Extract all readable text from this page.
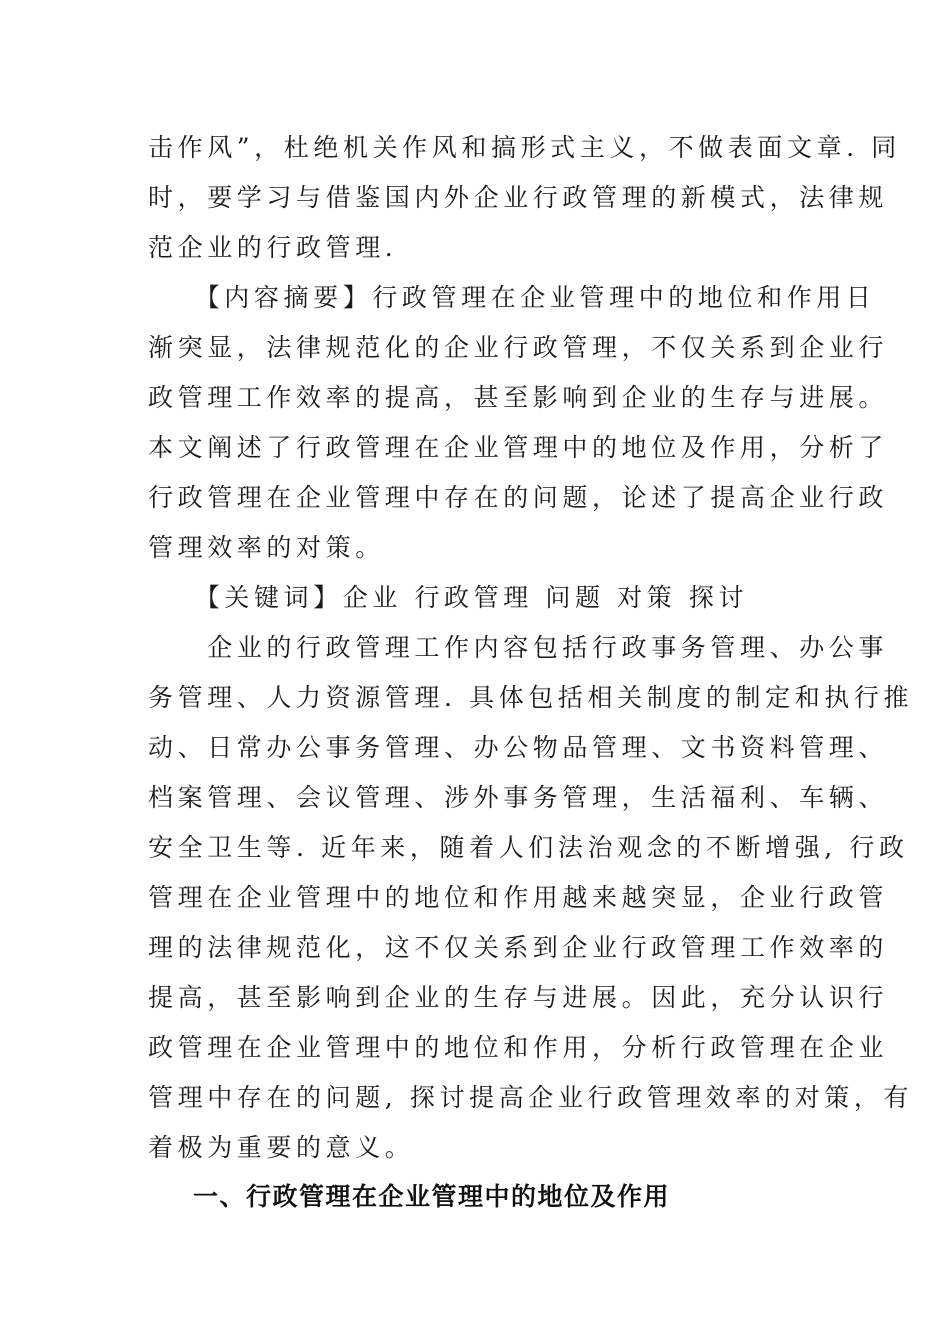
击作风”，杜绝机关作风和搞形式主义，不做表面文章. 同
时，要学习与借鉴国内外企业行政管理的新模式，法律规
范企业的行政管理.
　　【内容摘要】行政管理在企业管理中的地位和作用日
渐突显，法律规范化的企业行政管理，不仅关系到企业行
政管理工作效率的提高，甚至影响到企业的生存与进展。
本文阐述了行政管理在企业管理中的地位及作用，分析了
行政管理在企业管理中存在的问题，论述了提高企业行政
管理效率的对策。
　　【关键词】企业 行政管理 问题 对策 探讨
　　企业的行政管理工作内容包括行政事务管理、办公事
务管理、人力资源管理. 具体包括相关制度的制定和执行推
动、日常办公事务管理、办公物品管理、文书资料管理、
档案管理、会议管理、涉外事务管理，生活福利、车辆、
安全卫生等. 近年来，随着人们法治观念的不断增强, 行政
管理在企业管理中的地位和作用越来越突显，企业行政管
理的法律规范化，这不仅关系到企业行政管理工作效率的
提高，甚至影响到企业的生存与进展。因此，充分认识行
政管理在企业管理中的地位和作用，分析行政管理在企业
管理中存在的问题, 探讨提高企业行政管理效率的对策，有
着极为重要的意义。
一、行政管理在企业管理中的地位及作用
